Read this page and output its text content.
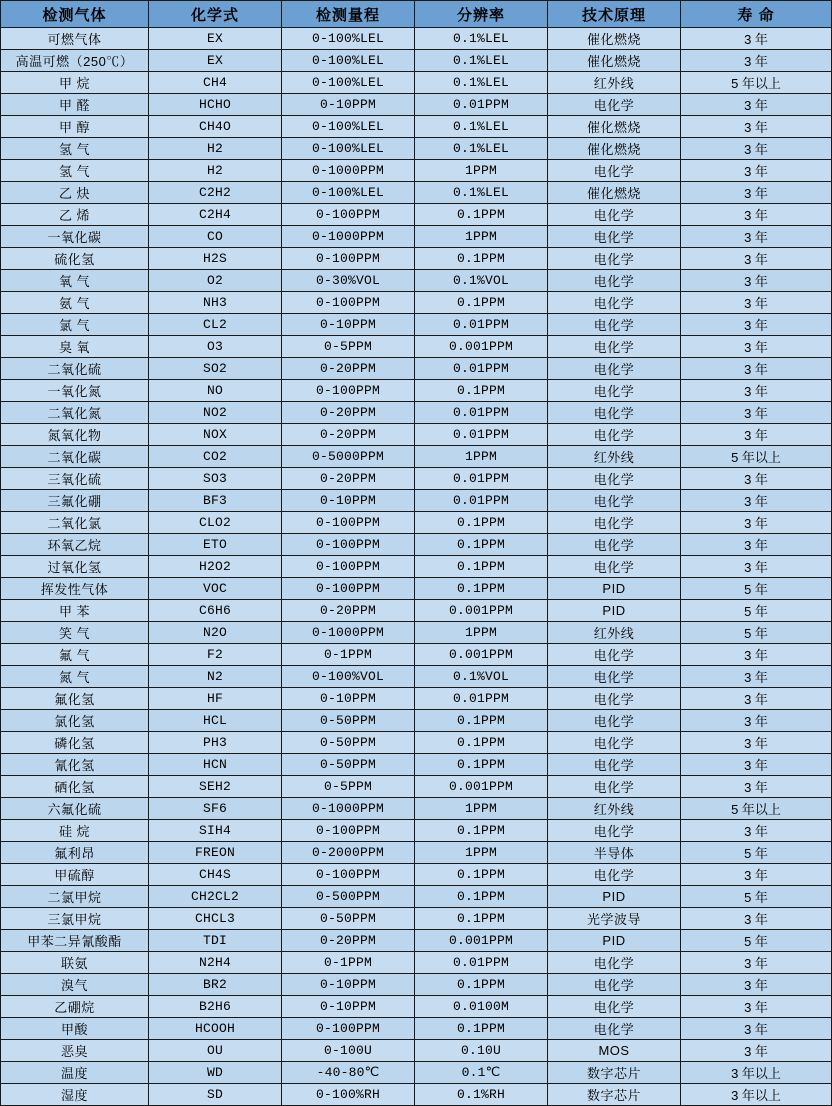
检测气体	化学式	检测量程	分辨率	技术原理	寿 命
可燃气体	EX	0-100%LEL	0.1%LEL	催化燃烧	3 年
高温可燃（250℃）	EX	0-100%LEL	0.1%LEL	催化燃烧	3 年
甲 烷	CH4	0-100%LEL	0.1%LEL	红外线	5 年以上
甲 醛	HCHO	0-10PPM	0.01PPM	电化学	3 年
甲 醇	CH4O	0-100%LEL	0.1%LEL	催化燃烧	3 年
氢 气	H2	0-100%LEL	0.1%LEL	催化燃烧	3 年
氢 气	H2	0-1000PPM	1PPM	电化学	3 年
乙 炔	C2H2	0-100%LEL	0.1%LEL	催化燃烧	3 年
乙 烯	C2H4	0-100PPM	0.1PPM	电化学	3 年
一氧化碳	CO	0-1000PPM	1PPM	电化学	3 年
硫化氢	H2S	0-100PPM	0.1PPM	电化学	3 年
氧 气	O2	0-30%VOL	0.1%VOL	电化学	3 年
氨 气	NH3	0-100PPM	0.1PPM	电化学	3 年
氯 气	CL2	0-10PPM	0.01PPM	电化学	3 年
臭 氧	O3	0-5PPM	0.001PPM	电化学	3 年
二氧化硫	SO2	0-20PPM	0.01PPM	电化学	3 年
一氧化氮	NO	0-100PPM	0.1PPM	电化学	3 年
二氧化氮	NO2	0-20PPM	0.01PPM	电化学	3 年
氮氧化物	NOX	0-20PPM	0.01PPM	电化学	3 年
二氧化碳	CO2	0-5000PPM	1PPM	红外线	5 年以上
三氧化硫	SO3	0-20PPM	0.01PPM	电化学	3 年
三氟化硼	BF3	0-10PPM	0.01PPM	电化学	3 年
二氧化氯	CLO2	0-100PPM	0.1PPM	电化学	3 年
环氧乙烷	ETO	0-100PPM	0.1PPM	电化学	3 年
过氧化氢	H2O2	0-100PPM	0.1PPM	电化学	3 年
挥发性气体	VOC	0-100PPM	0.1PPM	PID	5 年
甲 苯	C6H6	0-20PPM	0.001PPM	PID	5 年
笑 气	N2O	0-1000PPM	1PPM	红外线	5 年
氟 气	F2	0-1PPM	0.001PPM	电化学	3 年
氮 气	N2	0-100%VOL	0.1%VOL	电化学	3 年
氟化氢	HF	0-10PPM	0.01PPM	电化学	3 年
氯化氢	HCL	0-50PPM	0.1PPM	电化学	3 年
磷化氢	PH3	0-50PPM	0.1PPM	电化学	3 年
氰化氢	HCN	0-50PPM	0.1PPM	电化学	3 年
硒化氢	SEH2	0-5PPM	0.001PPM	电化学	3 年
六氟化硫	SF6	0-1000PPM	1PPM	红外线	5 年以上
硅 烷	SIH4	0-100PPM	0.1PPM	电化学	3 年
氟利昂	FREON	0-2000PPM	1PPM	半导体	5 年
甲硫醇	CH4S	0-100PPM	0.1PPM	电化学	3 年
二氯甲烷	CH2CL2	0-500PPM	0.1PPM	PID	5 年
三氯甲烷	CHCL3	0-50PPM	0.1PPM	光学波导	3 年
甲苯二异氰酸酯	TDI	0-20PPM	0.001PPM	PID	5 年
联氨	N2H4	0-1PPM	0.01PPM	电化学	3 年
溴气	BR2	0-10PPM	0.1PPM	电化学	3 年
乙硼烷	B2H6	0-10PPM	0.0100M	电化学	3 年
甲酸	HCOOH	0-100PPM	0.1PPM	电化学	3 年
恶臭	OU	0-100U	0.10U	MOS	3 年
温度	WD	-40-80℃	0.1℃	数字芯片	3 年以上
湿度	SD	0-100%RH	0.1%RH	数字芯片	3 年以上
